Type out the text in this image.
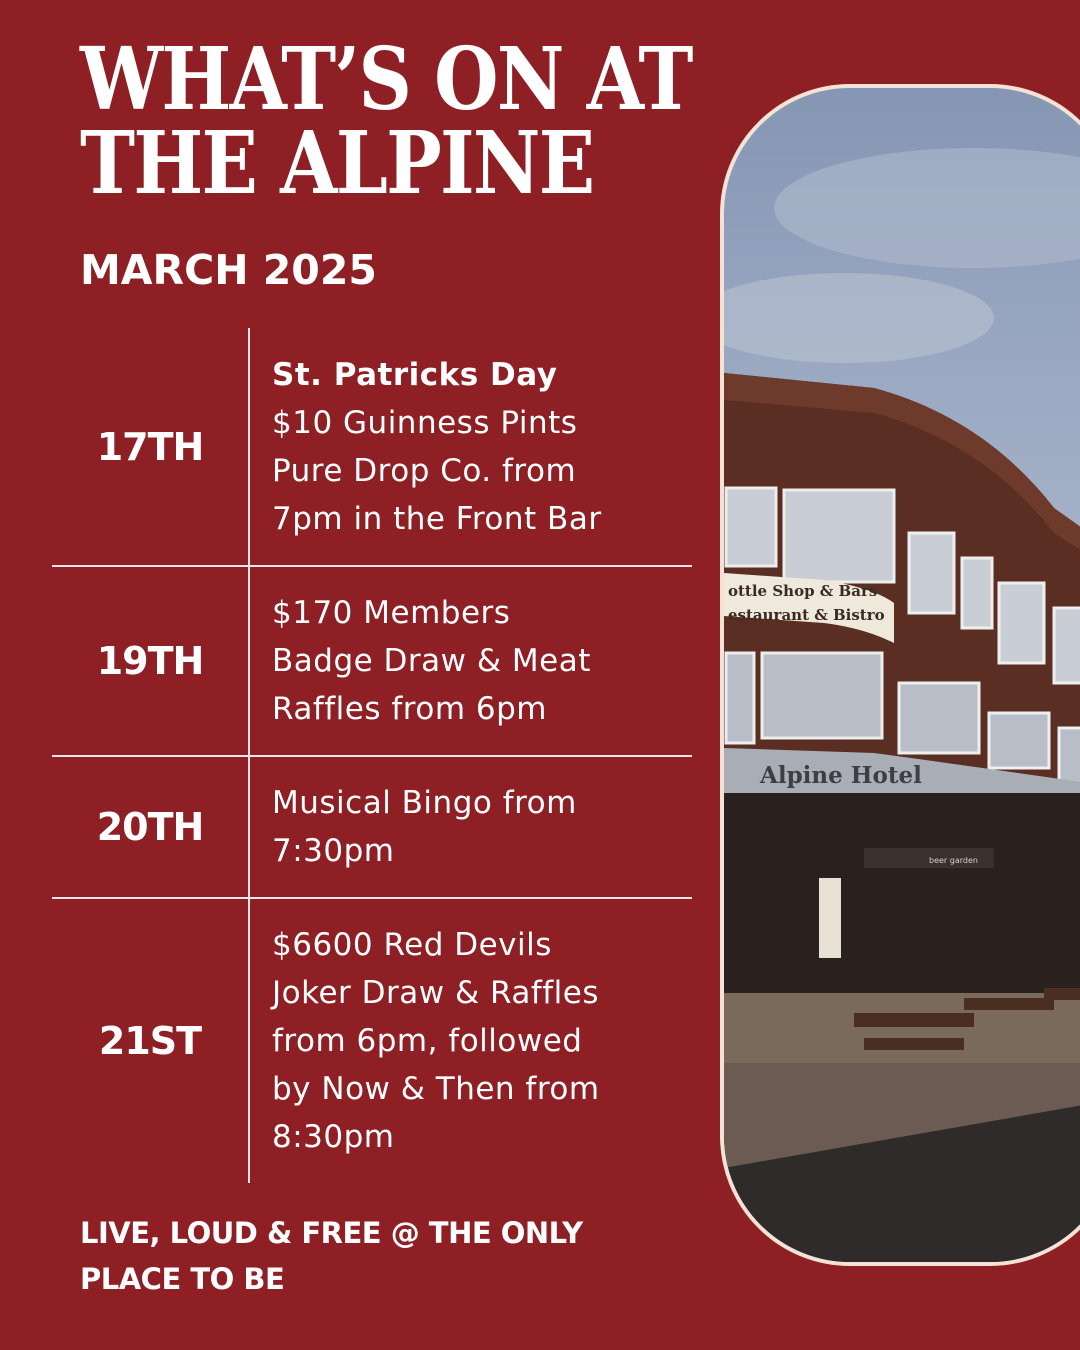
WHAT’S ON AT
THE ALPINE
MARCH 2025
17TH
St. Patricks Day
$10 Guinness Pints
Pure Drop Co. from
7pm in the Front Bar
19TH
$170 Members
Badge Draw & Meat
Raffles from 6pm
20TH
Musical Bingo from
7:30pm
21ST
$6600 Red Devils
Joker Draw & Raffles
from 6pm, followed
by Now & Then from
8:30pm
LIVE, LOUD & FREE @ THE ONLY
PLACE TO BE
ottle Shop & Bars
estaurant & Bistro
Alpine Hotel
beer garden
